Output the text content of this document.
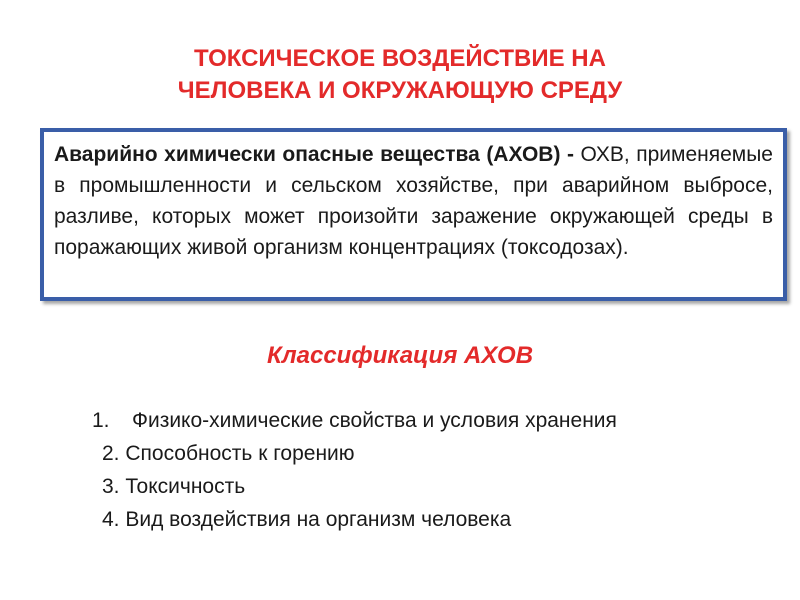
ТОКСИЧЕСКОЕ ВОЗДЕЙСТВИЕ НА
ЧЕЛОВЕКА И ОКРУЖАЮЩУЮ СРЕДУ

Аварийно химически опасные вещества (АХОВ) - ОХВ, применяемые в промышленности и сельском хозяйстве, при аварийном выбросе, разливе, которых может произойти заражение окружающей среды в поражающих живой организм концентрациях (токсодозах).

Классификация АХОВ
1. Физико-химические свойства и условия хранения
2. Способность к горению
3. Токсичность
4. Вид воздействия на организм человека
